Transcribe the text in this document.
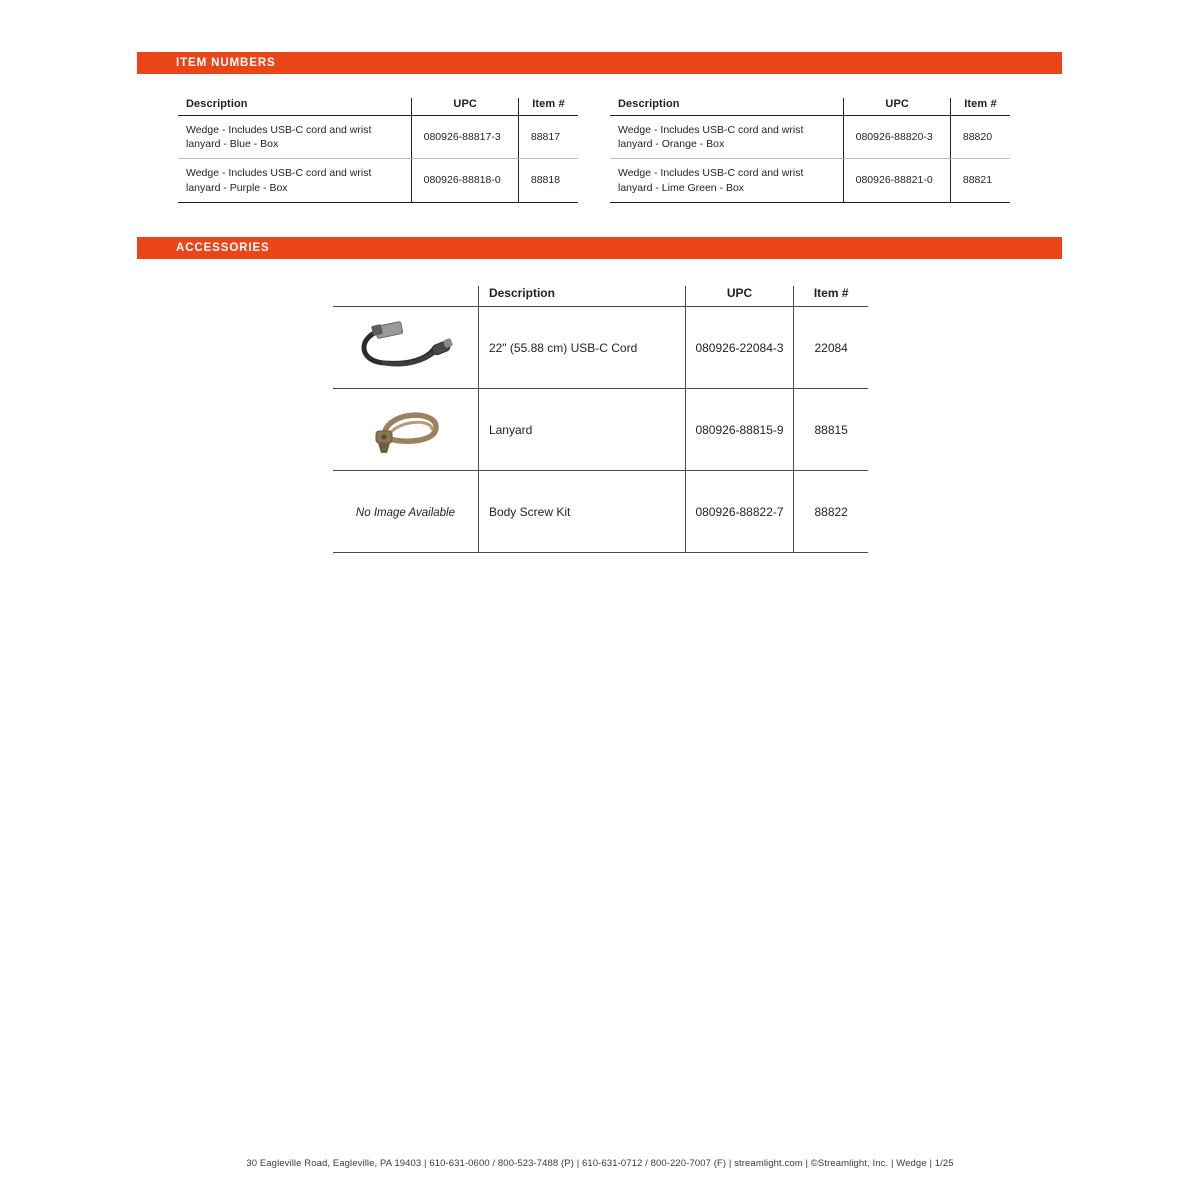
ITEM NUMBERS
Description	UPC	Item #
Wedge - Includes USB-C cord and wrist lanyard - Blue - Box	080926-88817-3	88817
Wedge - Includes USB-C cord and wrist lanyard - Purple - Box	080926-88818-0	88818
Description	UPC	Item #
Wedge - Includes USB-C cord and wrist lanyard - Orange - Box	080926-88820-3	88820
Wedge - Includes USB-C cord and wrist lanyard - Lime Green - Box	080926-88821-0	88821
ACCESSORIES
	Description	UPC	Item #
	22" (55.88 cm) USB-C Cord	080926-22084-3	22084
	Lanyard	080926-88815-9	88815
No Image Available	Body Screw Kit	080926-88822-7	88822
30 Eagleville Road, Eagleville, PA 19403 | 610-631-0600 / 800-523-7488 (P) | 610-631-0712 / 800-220-7007 (F) | streamlight.com | ©Streamlight, Inc. | Wedge | 1/25
